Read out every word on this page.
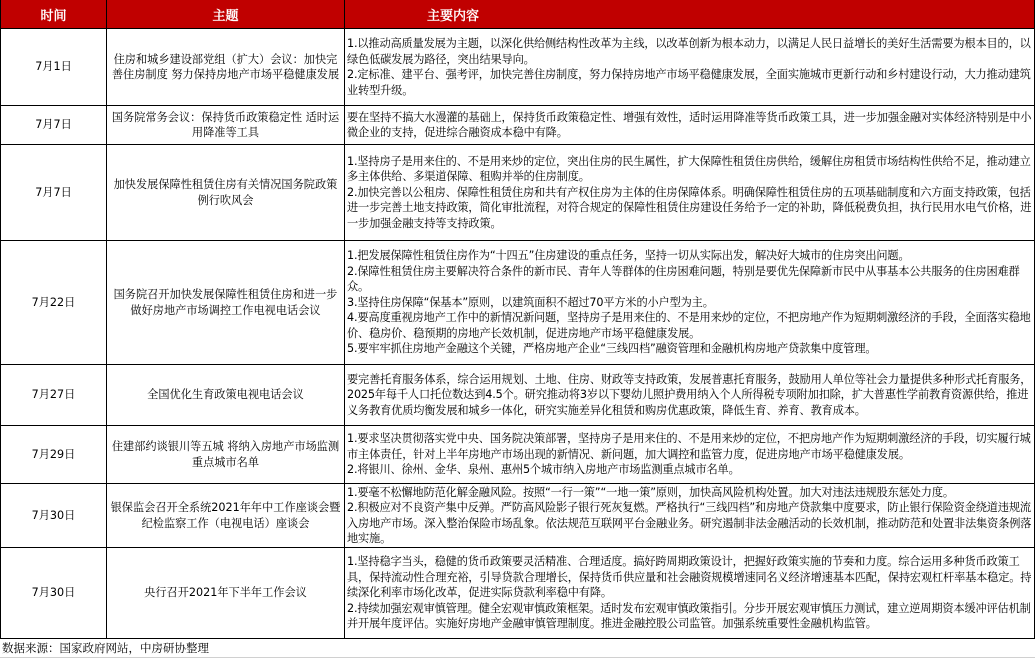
时间	主题	主要内容
7月1日	住房和城乡建设部党组（扩大）会议：加快完善住房制度 努力保持房地产市场平稳健康发展	1.以推动高质量发展为主题，以深化供给侧结构性改革为主线，以改革创新为根本动力，以满足人民日益增长的美好生活需要为根本目的，以绿色低碳发展为路径，突出结果导向。

2.定标准、建平台、强考评，加快完善住房制度，努力保持房地产市场平稳健康发展，全面实施城市更新行动和乡村建设行动，大力推动建筑业转型升级。

7月7日	国务院常务会议：保持货币政策稳定性 适时运用降准等工具	要在坚持不搞大水漫灌的基础上，保持货币政策稳定性、增强有效性，适时运用降准等货币政策工具，进一步加强金融对实体经济特别是中小微企业的支持，促进综合融资成本稳中有降。

7月7日	加快发展保障性租赁住房有关情况国务院政策例行吹风会	1.坚持房子是用来住的、不是用来炒的定位，突出住房的民生属性，扩大保障性租赁住房供给，缓解住房租赁市场结构性供给不足，推动建立多主体供给、多渠道保障、租购并举的住房制度。

2.加快完善以公租房、保障性租赁住房和共有产权住房为主体的住房保障体系。明确保障性租赁住房的五项基础制度和六方面支持政策，包括进一步完善土地支持政策，简化审批流程，对符合规定的保障性租赁住房建设任务给予一定的补助，降低税费负担，执行民用水电气价格，进一步加强金融支持等支持政策。

7月22日	国务院召开加快发展保障性租赁住房和进一步做好房地产市场调控工作电视电话会议	1.把发展保障性租赁住房作为“十四五”住房建设的重点任务，坚持一切从实际出发，解决好大城市的住房突出问题。

2.保障性租赁住房主要解决符合条件的新市民、青年人等群体的住房困难问题，特别是要优先保障新市民中从事基本公共服务的住房困难群众。

3.坚持住房保障“保基本”原则，以建筑面积不超过70平方米的小户型为主。

4.要高度重视房地产工作中的新情况新问题，坚持房子是用来住的、不是用来炒的定位，不把房地产作为短期刺激经济的手段，全面落实稳地价、稳房价、稳预期的房地产长效机制，促进房地产市场平稳健康发展。

5.要牢牢抓住房地产金融这个关键，严格房地产企业“三线四档”融资管理和金融机构房地产贷款集中度管理。

7月27日	全国优化生育政策电视电话会议	要完善托育服务体系，综合运用规划、土地、住房、财政等支持政策，发展普惠托育服务，鼓励用人单位等社会力量提供多种形式托育服务，2025年每千人口托位数达到4.5个。研究推动将3岁以下婴幼儿照护费用纳入个人所得税专项附加扣除，扩大普惠性学前教育资源供给，推进义务教育优质均衡发展和城乡一体化，研究实施差异化租赁和购房优惠政策，降低生育、养育、教育成本。

7月29日	住建部约谈银川等五城 将纳入房地产市场监测重点城市名单	1.要求坚决贯彻落实党中央、国务院决策部署，坚持房子是用来住的、不是用来炒的定位，不把房地产作为短期刺激经济的手段，切实履行城市主体责任，针对上半年房地产市场出现的新情况、新问题，加大调控和监管力度，促进房地产市场平稳健康发展。

2.将银川、徐州、金华、泉州、惠州5个城市纳入房地产市场监测重点城市名单。

7月30日	银保监会召开全系统2021年年中工作座谈会暨纪检监察工作（电视电话）座谈会	1.要毫不松懈地防范化解金融风险。按照“一行一策”“一地一策”原则，加快高风险机构处置。加大对违法违规股东惩处力度。

2.积极应对不良资产集中反弹。严防高风险影子银行死灰复燃。严格执行“三线四档”和房地产贷款集中度要求，防止银行保险资金绕道违规流入房地产市场。深入整治保险市场乱象。依法规范互联网平台金融业务。研究遏制非法金融活动的长效机制，推动防范和处置非法集资条例落地实施。

7月30日	央行召开2021年下半年工作会议	1.坚持稳字当头，稳健的货币政策要灵活精准、合理适度。搞好跨周期政策设计，把握好政策实施的节奏和力度。综合运用多种货币政策工具，保持流动性合理充裕，引导贷款合理增长，保持货币供应量和社会融资规模增速同名义经济增速基本匹配，保持宏观杠杆率基本稳定。持续深化利率市场化改革，促进实际贷款利率稳中有降。

2.持续加强宏观审慎管理。健全宏观审慎政策框架。适时发布宏观审慎政策指引。分步开展宏观审慎压力测试，建立逆周期资本缓冲评估机制并开展年度评估。实施好房地产金融审慎管理制度。推进金融控股公司监管。加强系统重要性金融机构监管。

数据来源：国家政府网站，中房研协整理
